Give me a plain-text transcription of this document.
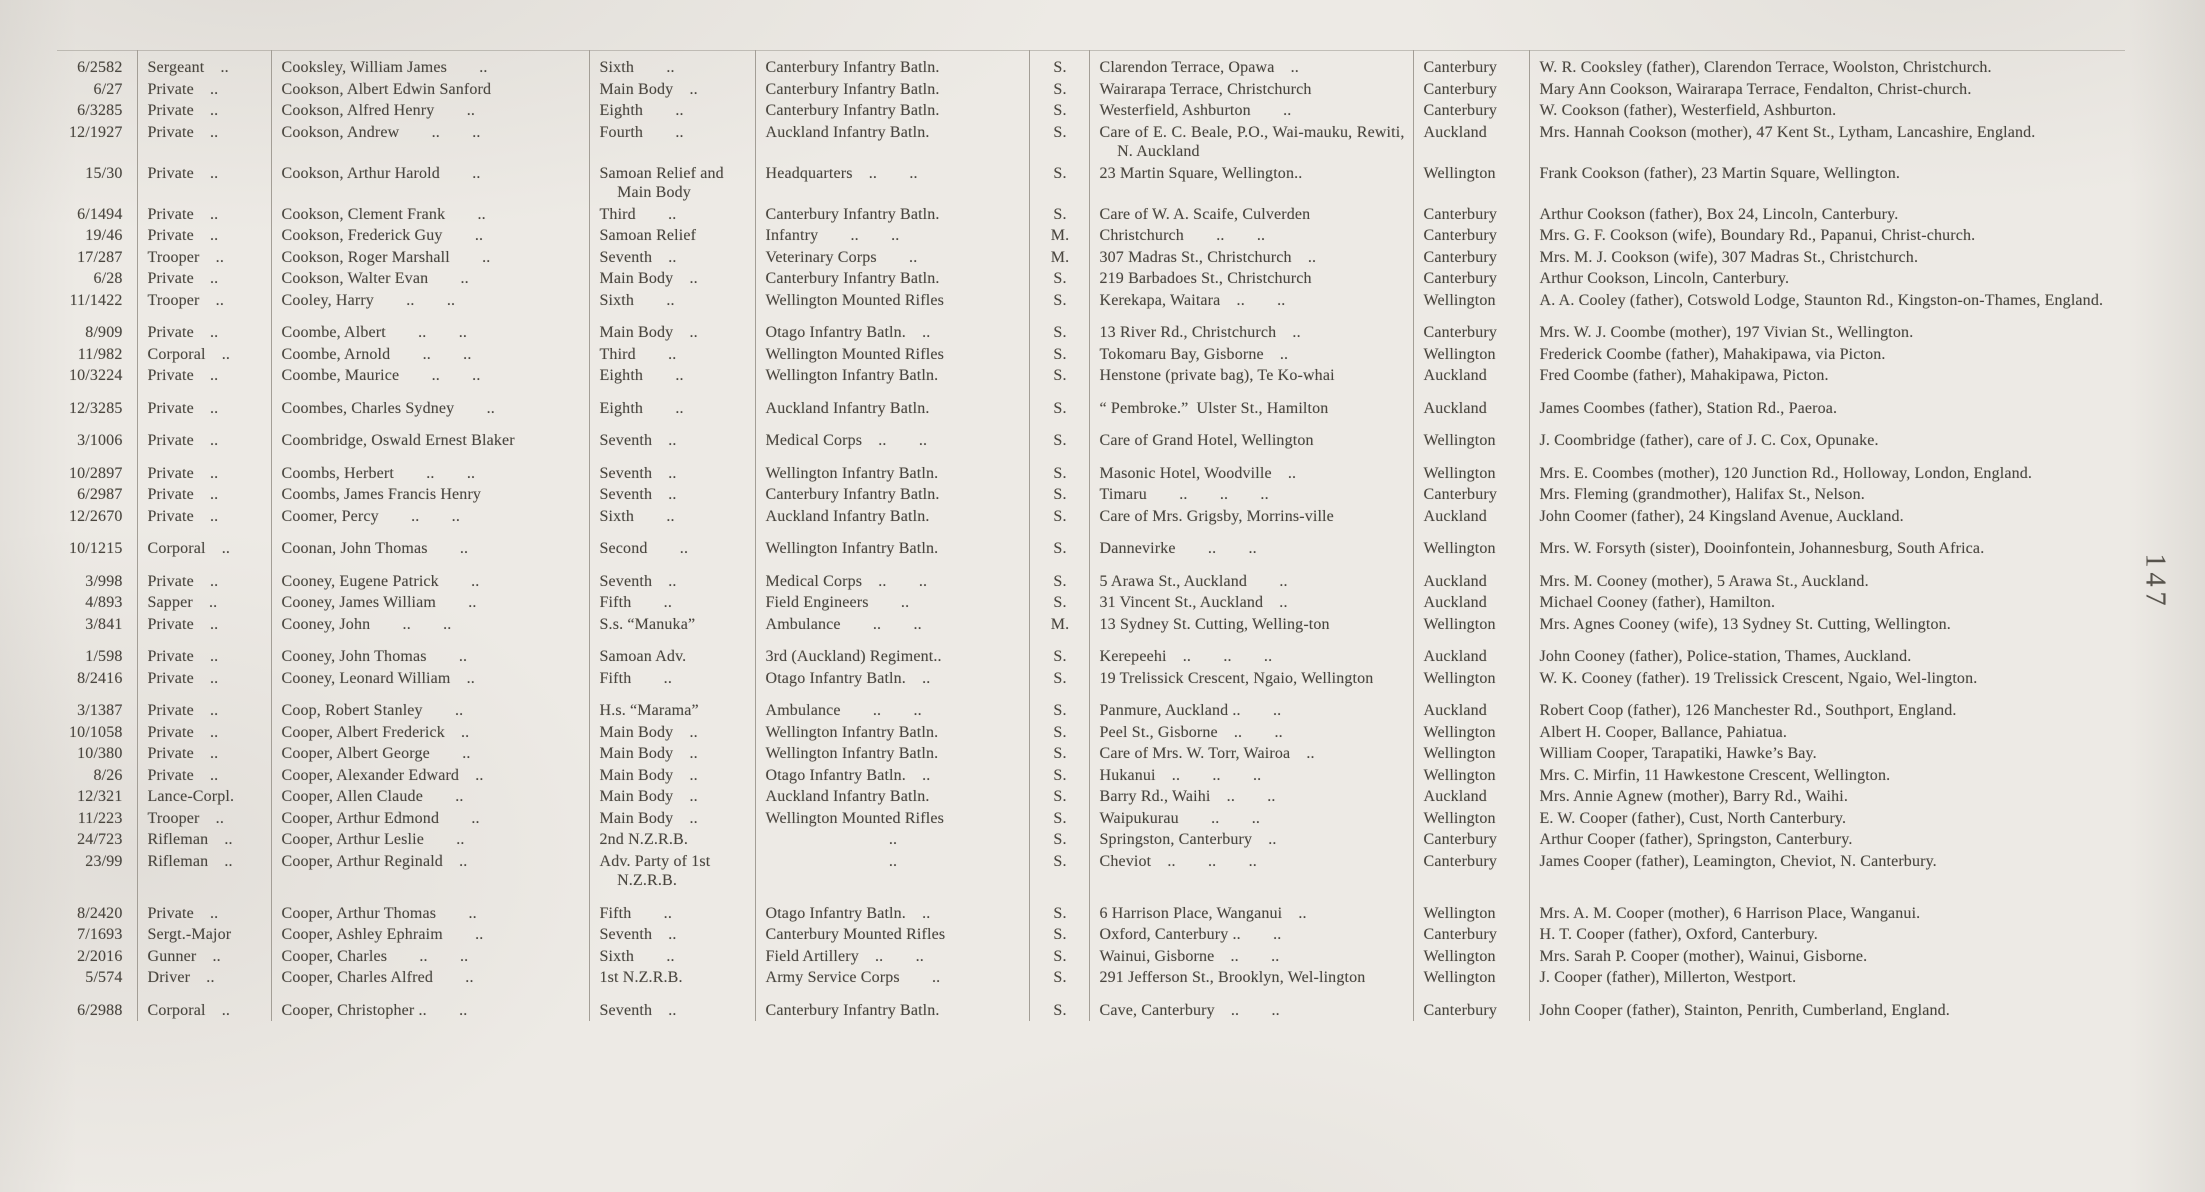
6/2582	Sergeant ..	Cooksley, William James  ..	Sixth  ..	Canterbury Infantry Batln.	S.	Clarendon Terrace, Opawa ..	Canterbury	W. R. Cooksley (father), Clarendon Terrace, Woolston, Christchurch.
6/27	Private ..	Cookson, Albert Edwin Sanford	Main Body ..	Canterbury Infantry Batln.	S.	Wairarapa Terrace, Christchurch	Canterbury	Mary Ann Cookson, Wairarapa Terrace, Fendalton, Christ-church.
6/3285	Private ..	Cookson, Alfred Henry  ..	Eighth  ..	Canterbury Infantry Batln.	S.	Westerfield, Ashburton  ..	Canterbury	W. Cookson (father), Westerfield, Ashburton.
12/1927	Private ..	Cookson, Andrew  ..  ..	Fourth  ..	Auckland Infantry Batln.	S.	Care of E. C. Beale, P.O., Wai-mauku, Rewiti, N. Auckland	Auckland	Mrs. Hannah Cookson (mother), 47 Kent St., Lytham, Lancashire, England.
15/30	Private ..	Cookson, Arthur Harold  ..	Samoan Relief and Main Body	Headquarters ..  ..	S.	23 Martin Square, Wellington..	Wellington	Frank Cookson (father), 23 Martin Square, Wellington.
6/1494	Private ..	Cookson, Clement Frank  ..	Third  ..	Canterbury Infantry Batln.	S.	Care of W. A. Scaife, Culverden	Canterbury	Arthur Cookson (father), Box 24, Lincoln, Canterbury.
19/46	Private ..	Cookson, Frederick Guy  ..	Samoan Relief	Infantry  ..  ..	M.	Christchurch  ..  ..	Canterbury	Mrs. G. F. Cookson (wife), Boundary Rd., Papanui, Christ-church.
17/287	Trooper ..	Cookson, Roger Marshall  ..	Seventh ..	Veterinary Corps  ..	M.	307 Madras St., Christchurch ..	Canterbury	Mrs. M. J. Cookson (wife), 307 Madras St., Christchurch.
6/28	Private ..	Cookson, Walter Evan  ..	Main Body ..	Canterbury Infantry Batln.	S.	219 Barbadoes St., Christchurch	Canterbury	Arthur Cookson, Lincoln, Canterbury.
11/1422	Trooper ..	Cooley, Harry  ..  ..	Sixth  ..	Wellington Mounted Rifles	S.	Kerekapa, Waitara ..  ..	Wellington	A. A. Cooley (father), Cotswold Lodge, Staunton Rd., Kingston-on-Thames, England.
8/909	Private ..	Coombe, Albert  ..  ..	Main Body ..	Otago Infantry Batln. ..	S.	13 River Rd., Christchurch ..	Canterbury	Mrs. W. J. Coombe (mother), 197 Vivian St., Wellington.
11/982	Corporal ..	Coombe, Arnold  ..  ..	Third  ..	Wellington Mounted Rifles	S.	Tokomaru Bay, Gisborne ..	Wellington	Frederick Coombe (father), Mahakipawa, via Picton.
10/3224	Private ..	Coombe, Maurice  ..  ..	Eighth  ..	Wellington Infantry Batln.	S.	Henstone (private bag), Te Ko-whai	Auckland	Fred Coombe (father), Mahakipawa, Picton.
12/3285	Private ..	Coombes, Charles Sydney  ..	Eighth  ..	Auckland Infantry Batln.	S.	“ Pembroke.” Ulster St., Hamilton	Auckland	James Coombes (father), Station Rd., Paeroa.
3/1006	Private ..	Coombridge, Oswald Ernest Blaker	Seventh ..	Medical Corps ..  ..	S.	Care of Grand Hotel, Wellington	Wellington	J. Coombridge (father), care of J. C. Cox, Opunake.
10/2897	Private ..	Coombs, Herbert  ..  ..	Seventh ..	Wellington Infantry Batln.	S.	Masonic Hotel, Woodville ..	Wellington	Mrs. E. Coombes (mother), 120 Junction Rd., Holloway, London, England.
6/2987	Private ..	Coombs, James Francis Henry	Seventh ..	Canterbury Infantry Batln.	S.	Timaru  ..  ..  ..	Canterbury	Mrs. Fleming (grandmother), Halifax St., Nelson.
12/2670	Private ..	Coomer, Percy  ..  ..	Sixth  ..	Auckland Infantry Batln.	S.	Care of Mrs. Grigsby, Morrins-ville	Auckland	John Coomer (father), 24 Kingsland Avenue, Auckland.
10/1215	Corporal ..	Coonan, John Thomas  ..	Second  ..	Wellington Infantry Batln.	S.	Dannevirke  ..  ..	Wellington	Mrs. W. Forsyth (sister), Dooinfontein, Johannesburg, South Africa.
3/998	Private ..	Cooney, Eugene Patrick  ..	Seventh ..	Medical Corps ..  ..	S.	5 Arawa St., Auckland  ..	Auckland	Mrs. M. Cooney (mother), 5 Arawa St., Auckland.
4/893	Sapper ..	Cooney, James William  ..	Fifth  ..	Field Engineers  ..	S.	31 Vincent St., Auckland ..	Auckland	Michael Cooney (father), Hamilton.
3/841	Private ..	Cooney, John  ..  ..	S.s. “Manuka”	Ambulance  ..  ..	M.	13 Sydney St. Cutting, Welling-ton	Wellington	Mrs. Agnes Cooney (wife), 13 Sydney St. Cutting, Wellington.
1/598	Private ..	Cooney, John Thomas  ..	Samoan Adv.	3rd (Auckland) Regiment..	S.	Kerepeehi ..  ..  ..	Auckland	John Cooney (father), Police-station, Thames, Auckland.
8/2416	Private ..	Cooney, Leonard William ..	Fifth  ..	Otago Infantry Batln. ..	S.	19 Trelissick Crescent, Ngaio, Wellington	Wellington	W. K. Cooney (father). 19 Trelissick Crescent, Ngaio, Wel-lington.
3/1387	Private ..	Coop, Robert Stanley  ..	H.s. “Marama”	Ambulance  ..  ..	S.	Panmure, Auckland ..  ..	Auckland	Robert Coop (father), 126 Manchester Rd., Southport, England.
10/1058	Private ..	Cooper, Albert Frederick ..	Main Body ..	Wellington Infantry Batln.	S.	Peel St., Gisborne ..  ..	Wellington	Albert H. Cooper, Ballance, Pahiatua.
10/380	Private ..	Cooper, Albert George  ..	Main Body ..	Wellington Infantry Batln.	S.	Care of Mrs. W. Torr, Wairoa ..	Wellington	William Cooper, Tarapatiki, Hawke’s Bay.
8/26	Private ..	Cooper, Alexander Edward ..	Main Body ..	Otago Infantry Batln. ..	S.	Hukanui ..  ..  ..	Wellington	Mrs. C. Mirfin, 11 Hawkestone Crescent, Wellington.
12/321	Lance-Corpl.	Cooper, Allen Claude  ..	Main Body ..	Auckland Infantry Batln.	S.	Barry Rd., Waihi ..  ..	Auckland	Mrs. Annie Agnew (mother), Barry Rd., Waihi.
11/223	Trooper ..	Cooper, Arthur Edmond  ..	Main Body ..	Wellington Mounted Rifles	S.	Waipukurau  ..  ..	Wellington	E. W. Cooper (father), Cust, North Canterbury.
24/723	Rifleman ..	Cooper, Arthur Leslie  ..	2nd N.Z.R.B.	..	S.	Springston, Canterbury ..	Canterbury	Arthur Cooper (father), Springston, Canterbury.
23/99	Rifleman ..	Cooper, Arthur Reginald ..	Adv. Party of 1st N.Z.R.B.	..	S.	Cheviot ..  ..  ..	Canterbury	James Cooper (father), Leamington, Cheviot, N. Canterbury.
8/2420	Private ..	Cooper, Arthur Thomas  ..	Fifth  ..	Otago Infantry Batln. ..	S.	6 Harrison Place, Wanganui ..	Wellington	Mrs. A. M. Cooper (mother), 6 Harrison Place, Wanganui.
7/1693	Sergt.-Major	Cooper, Ashley Ephraim  ..	Seventh ..	Canterbury Mounted Rifles	S.	Oxford, Canterbury ..  ..	Canterbury	H. T. Cooper (father), Oxford, Canterbury.
2/2016	Gunner ..	Cooper, Charles  ..  ..	Sixth  ..	Field Artillery ..  ..	S.	Wainui, Gisborne ..  ..	Wellington	Mrs. Sarah P. Cooper (mother), Wainui, Gisborne.
5/574	Driver ..	Cooper, Charles Alfred  ..	1st N.Z.R.B.	Army Service Corps  ..	S.	291 Jefferson St., Brooklyn, Wel-lington	Wellington	J. Cooper (father), Millerton, Westport.
6/2988	Corporal ..	Cooper, Christopher ..  ..	Seventh ..	Canterbury Infantry Batln.	S.	Cave, Canterbury ..  ..	Canterbury	John Cooper (father), Stainton, Penrith, Cumberland, England.
147
